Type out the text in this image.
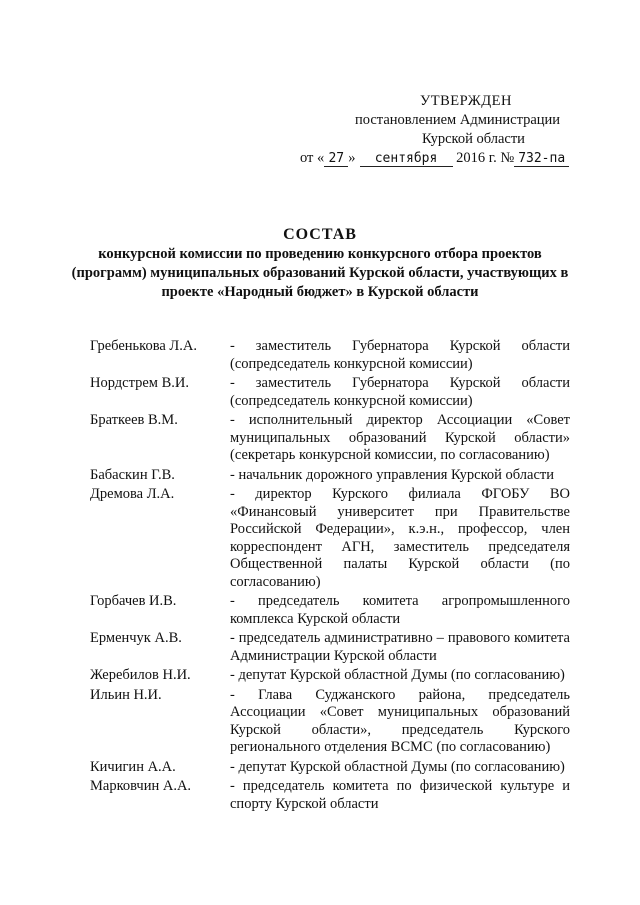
УТВЕРЖДЕН
постановлением Администрации
Курской области
от « 27 » сентября 2016 г. № 732-па
СОСТАВ
конкурсной комиссии по проведению конкурсного отбора проектов (программ) муниципальных образований Курской области, участвующих в проекте «Народный бюджет» в Курской области
Гребенькова Л.А.	- заместитель Губернатора Курской области (сопредседатель конкурсной комиссии)
Нордстрем В.И.	- заместитель Губернатора Курской области (сопредседатель конкурсной комиссии)
Браткеев В.М.	- исполнительный директор Ассоциации «Совет муниципальных образований Курской области» (секретарь конкурсной комиссии, по согласованию)
Бабаскин Г.В.	- начальник дорожного управления Курской области
Дремова Л.А.	- директор Курского филиала ФГОБУ ВО «Финансовый университет при Правительстве Российской Федерации», к.э.н., профессор, член корреспондент АГН, заместитель председателя Общественной палаты Курской области (по согласованию)
Горбачев И.В.	- председатель комитета агропромышленного комплекса Курской области
Ерменчук А.В.	- председатель административно – правового комитета Администрации Курской области
Жеребилов Н.И.	- депутат Курской областной Думы (по согласованию)
Ильин Н.И.	- Глава Суджанского района, председатель Ассоциации «Совет муниципальных образований Курской области», председатель Курского регионального отделения ВСМС (по согласованию)
Кичигин А.А.	- депутат Курской областной Думы (по согласованию)
Марковчин А.А.	- председатель комитета по физической культуре и спорту Курской области
